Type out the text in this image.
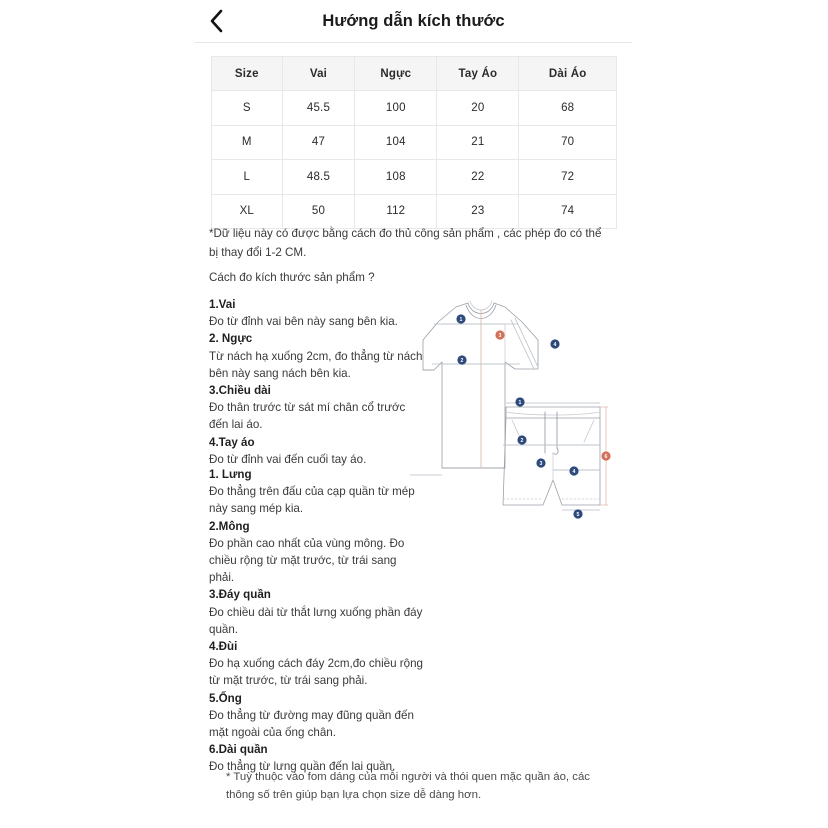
Hướng dẫn kích thước
Size	Vai	Ngực	Tay Áo	Dài Áo
S	45.5	100	20	68
M	47	104	21	70
L	48.5	108	22	72
XL	50	112	23	74
*Dữ liệu này có được bằng cách đo thủ công sản phẩm , các phép đo có thể bị thay đổi 1-2 CM.
Cách đo kích thước sản phẩm ?

1.Vai

Đo từ đỉnh vai bên này sang bên kia.

2. Ngực

Từ nách hạ xuống 2cm, đo thẳng từ nách bên này sang nách bên kia.

3.Chiều dài

Đo thân trước từ sát mí chân cổ trước đến lai áo.

4.Tay áo

Đo từ đỉnh vai đến cuối tay áo.

1. Lưng

Đo thẳng trên đấu của cạp quần từ mép này sang mép kia.

2.Mông

Đo phần cao nhất của vùng mông. Đo chiều rộng từ mặt trước, từ trái sang phải.

3.Đáy quần

Đo chiều dài từ thắt lưng xuống phần đáy quần.

4.Đùi

Đo hạ xuống cách đáy 2cm,đo chiều rộng từ mặt trước, từ trái sang phải.

5.Ống

Đo thẳng từ đường may đũng quần đến mặt ngoài của ống chân.

6.Dài quần

Đo thẳng từ lưng quần đến lai quần.

* Tuỳ thuộc vào fom dáng của mỗi người và thói quen mặc quần áo, các thông số trên giúp bạn lựa chọn size dễ dàng hơn.
1
2
3
4
1
2
3
4
5
6
